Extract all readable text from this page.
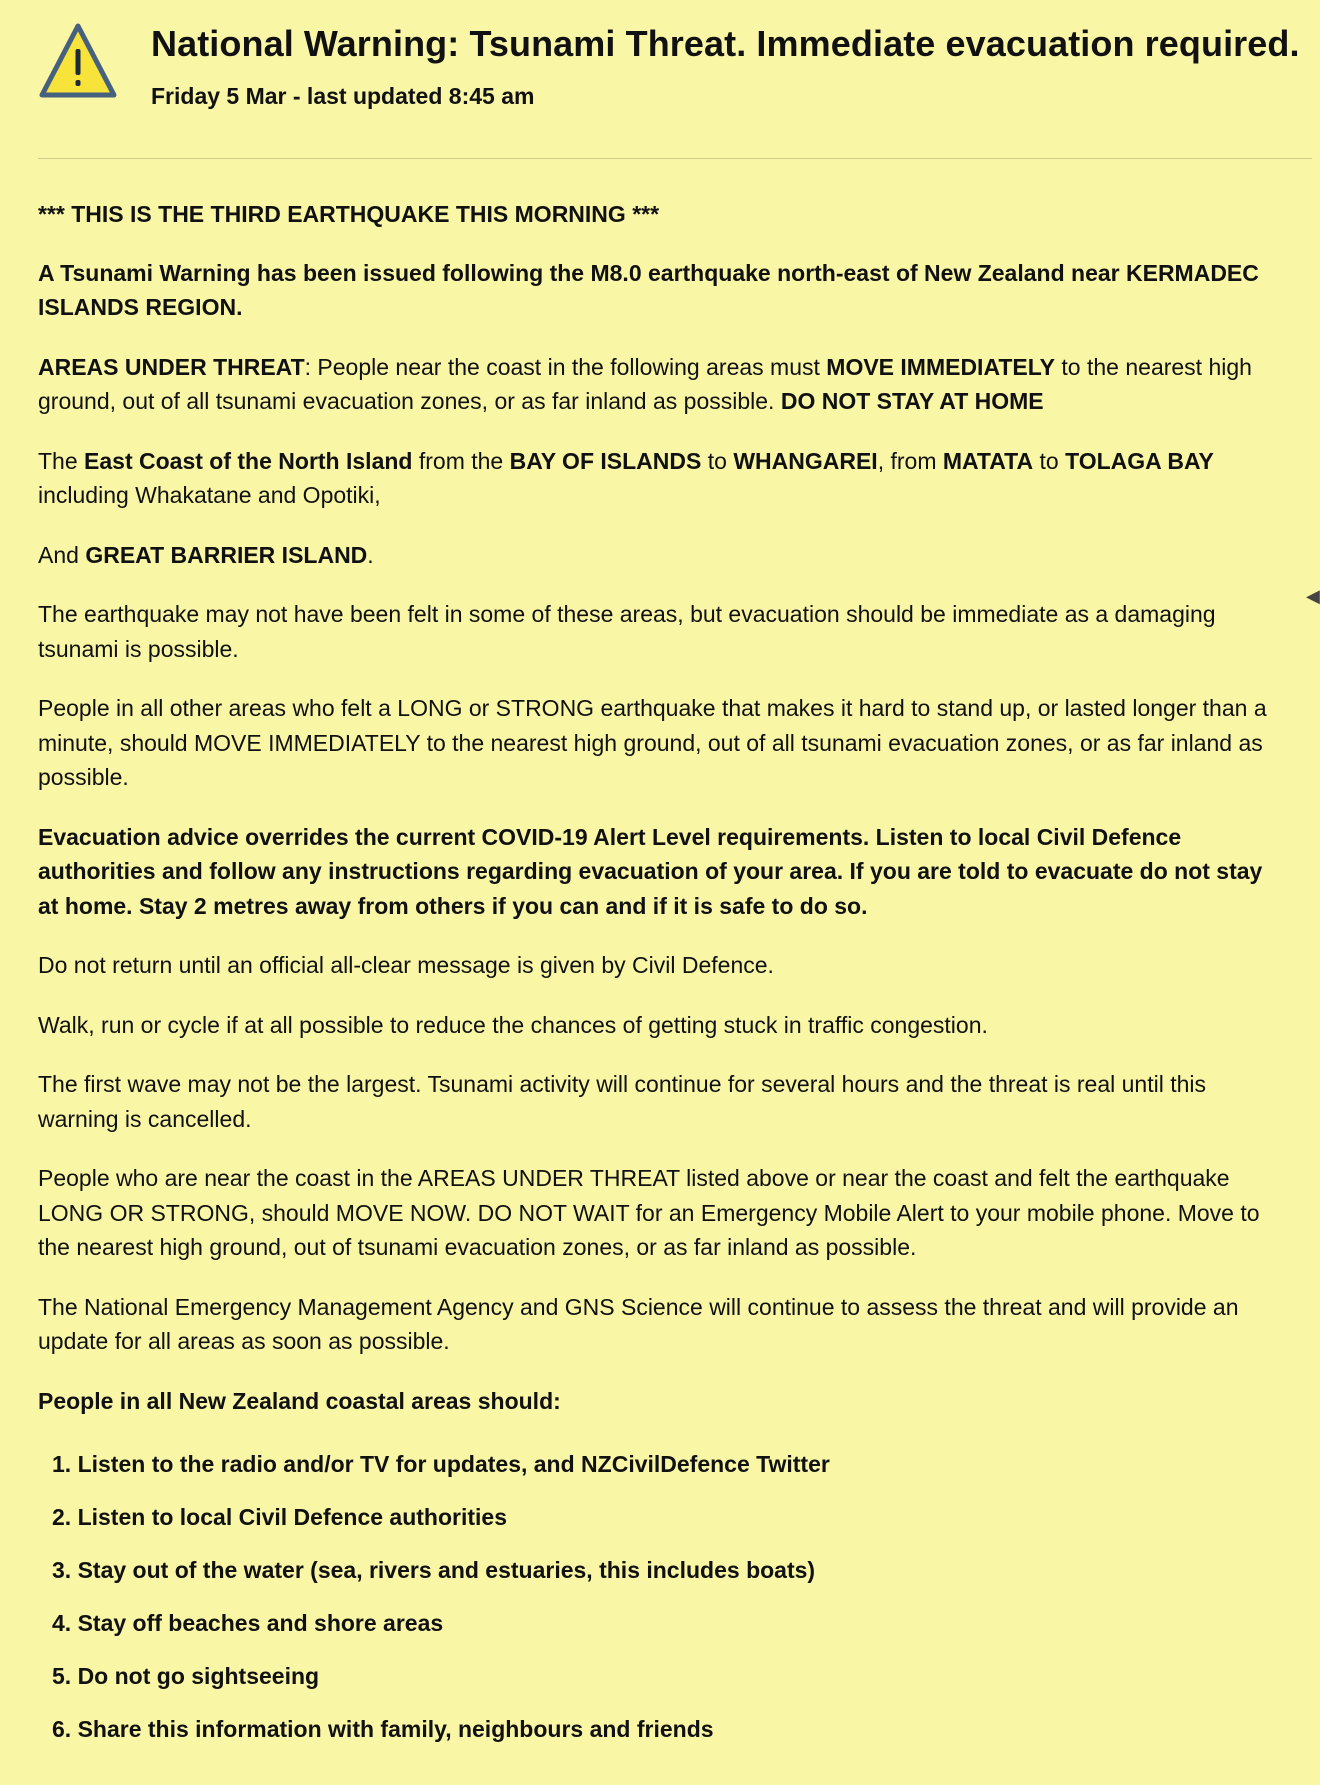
National Warning: Tsunami Threat. Immediate evacuation required.
Friday 5 Mar - last updated 8:45 am

*** THIS IS THE THIRD EARTHQUAKE THIS MORNING ***

A Tsunami Warning has been issued following the M8.0 earthquake north-east of New Zealand near KERMADEC ISLANDS REGION.

AREAS UNDER THREAT: People near the coast in the following areas must MOVE IMMEDIATELY to the nearest high ground, out of all tsunami evacuation zones, or as far inland as possible. DO NOT STAY AT HOME

The East Coast of the North Island from the BAY OF ISLANDS to WHANGAREI, from MATATA to TOLAGA BAY including Whakatane and Opotiki,

And GREAT BARRIER ISLAND.

The earthquake may not have been felt in some of these areas, but evacuation should be immediate as a damaging tsunami is possible.

People in all other areas who felt a LONG or STRONG earthquake that makes it hard to stand up, or lasted longer than a minute, should MOVE IMMEDIATELY to the nearest high ground, out of all tsunami evacuation zones, or as far inland as possible.

Evacuation advice overrides the current COVID-19 Alert Level requirements. Listen to local Civil Defence authorities and follow any instructions regarding evacuation of your area. If you are told to evacuate do not stay at home. Stay 2 metres away from others if you can and if it is safe to do so.

Do not return until an official all-clear message is given by Civil Defence.

Walk, run or cycle if at all possible to reduce the chances of getting stuck in traffic congestion.

The first wave may not be the largest. Tsunami activity will continue for several hours and the threat is real until this warning is cancelled.

People who are near the coast in the AREAS UNDER THREAT listed above or near the coast and felt the earthquake LONG OR STRONG, should MOVE NOW. DO NOT WAIT for an Emergency Mobile Alert to your mobile phone. Move to the nearest high ground, out of tsunami evacuation zones, or as far inland as possible.

The National Emergency Management Agency and GNS Science will continue to assess the threat and will provide an update for all areas as soon as possible.

People in all New Zealand coastal areas should:

1. Listen to the radio and/or TV for updates, and NZCivilDefence Twitter
2. Listen to local Civil Defence authorities
3. Stay out of the water (sea, rivers and estuaries, this includes boats)
4. Stay off beaches and shore areas
5. Do not go sightseeing
6. Share this information with family, neighbours and friends
◀
